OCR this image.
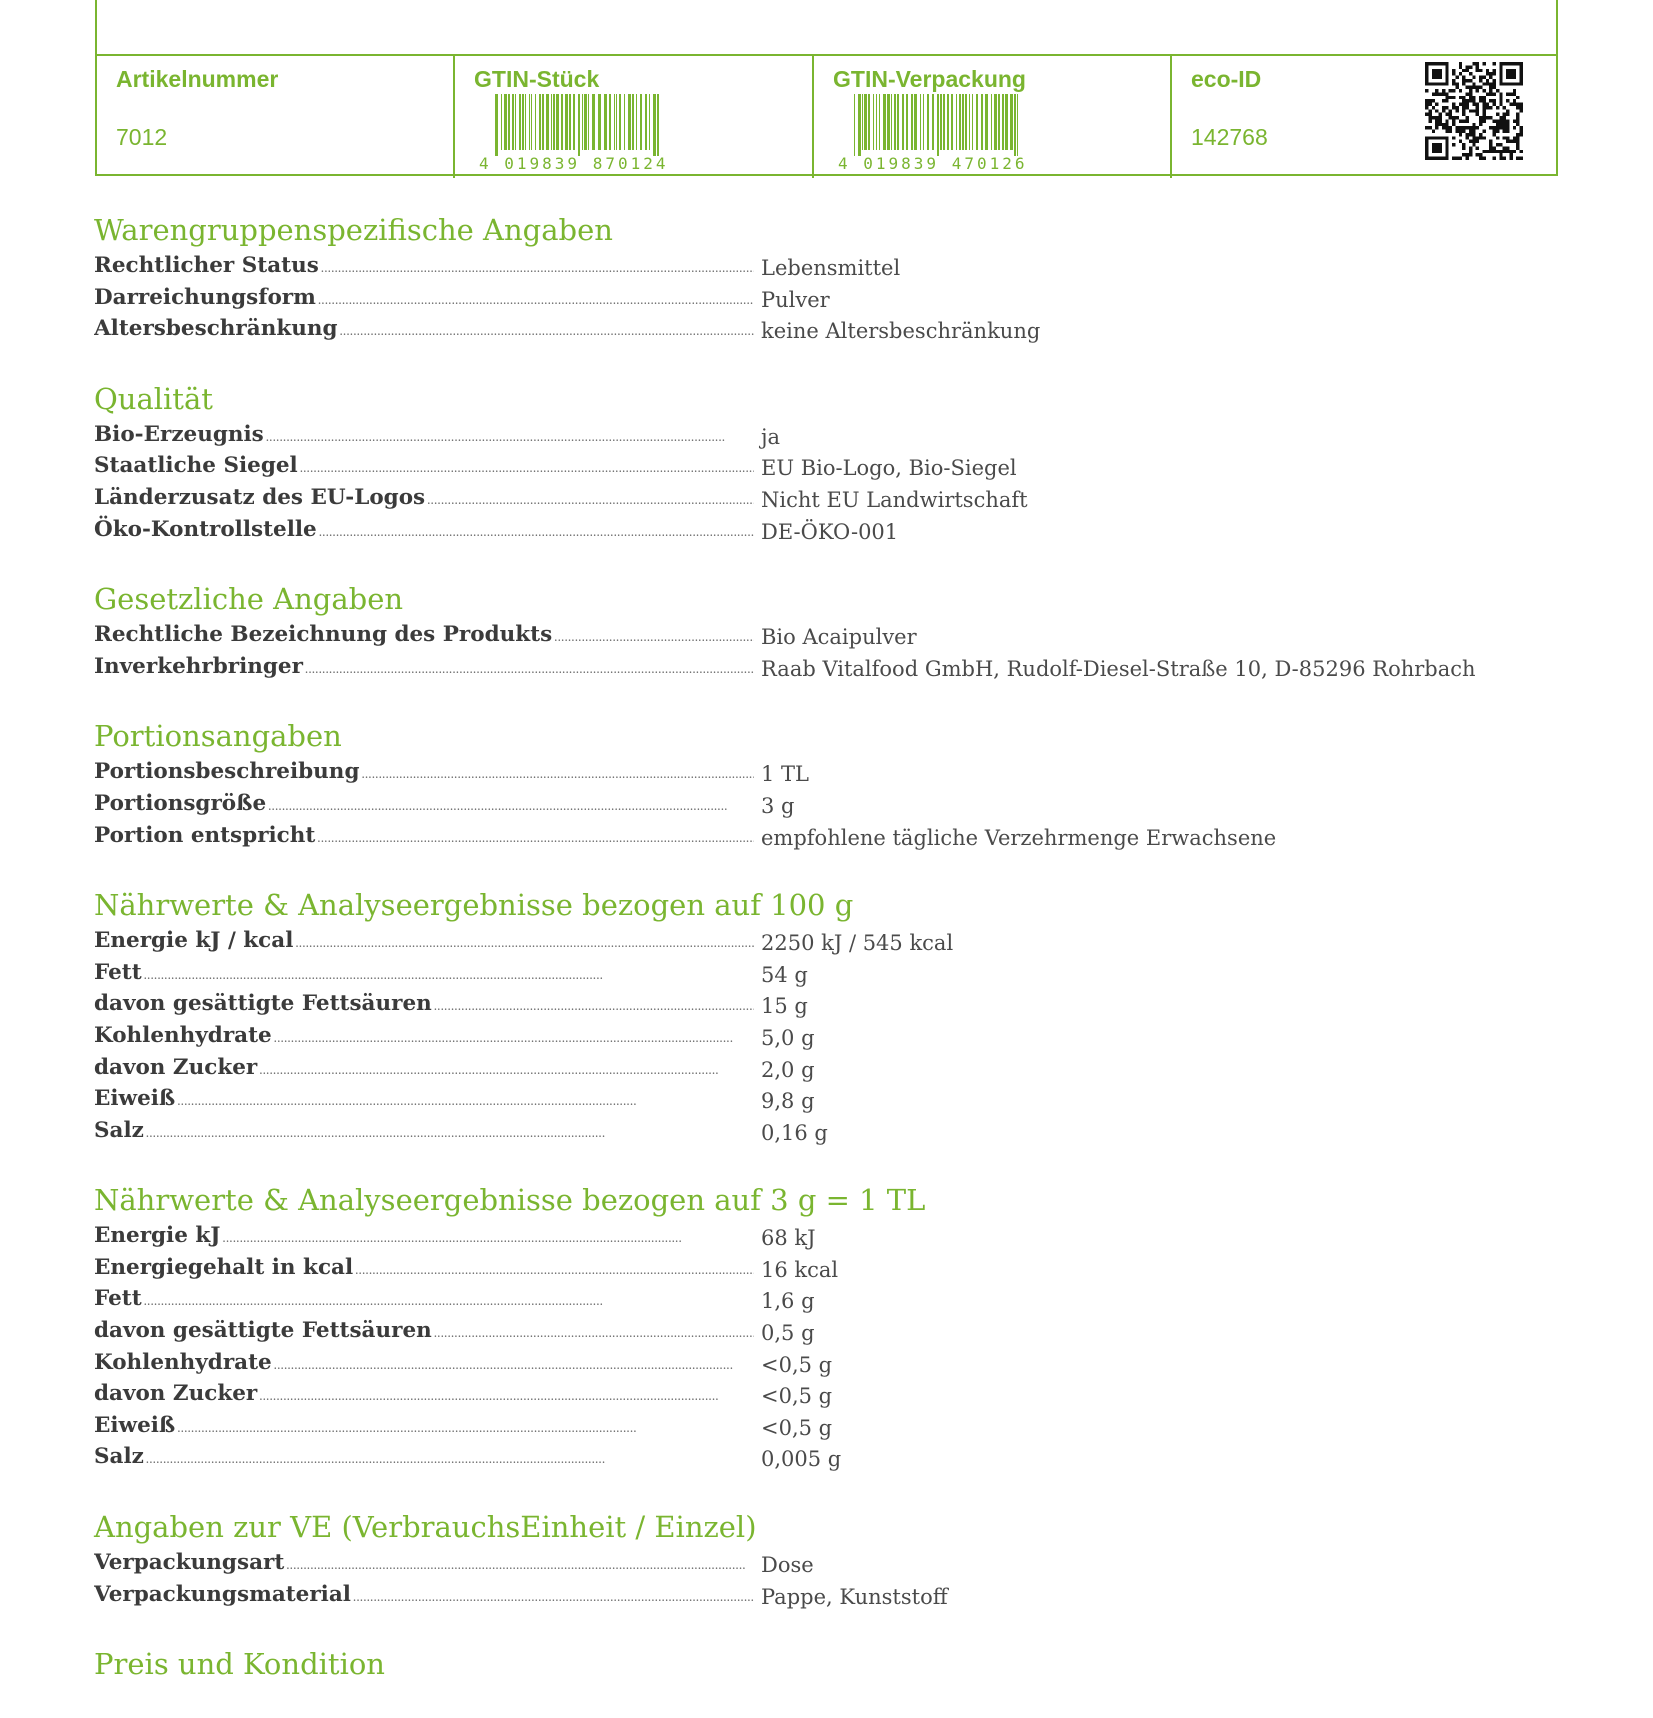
Artikelnummer
7012
GTIN-Stück
4 019839 870124
GTIN-Verpackung
4 019839 470126
eco-ID
142768
Warengruppenspezifische Angaben
Rechtlicher Status . . .	Lebensmittel
Darreichungsform . . .	Pulver
Altersbeschränkung . . .	keine Altersbeschränkung
Qualität
Bio-Erzeugnis . . .	ja
Staatliche Siegel . . .	EU Bio-Logo, Bio-Siegel
Länderzusatz des EU-Logos . . .	Nicht EU Landwirtschaft
Öko-Kontrollstelle . . .	DE-ÖKO-001
Gesetzliche Angaben
Rechtliche Bezeichnung des Produkts . . .	Bio Acaipulver
Inverkehrbringer . . .	Raab Vitalfood GmbH, Rudolf-Diesel-Straße 10, D-85296 Rohrbach
Portionsangaben
Portionsbeschreibung . . .	1 TL
Portionsgröße . . .	3 g
Portion entspricht . . .	empfohlene tägliche Verzehrmenge Erwachsene
Nährwerte & Analyseergebnisse bezogen auf 100 g
Energie kJ / kcal . . .	2250 kJ / 545 kcal
Fett . . .	54 g
davon gesättigte Fettsäuren . . .	15 g
Kohlenhydrate . . .	5,0 g
davon Zucker . . .	2,0 g
Eiweiß . . .	9,8 g
Salz . . .	0,16 g
Nährwerte & Analyseergebnisse bezogen auf 3 g = 1 TL
Energie kJ . . .	68 kJ
Energiegehalt in kcal . . .	16 kcal
Fett . . .	1,6 g
davon gesättigte Fettsäuren . . .	0,5 g
Kohlenhydrate . . .	<0,5 g
davon Zucker . . .	<0,5 g
Eiweiß . . .	<0,5 g
Salz . . .	0,005 g
Angaben zur VE (VerbrauchsEinheit / Einzel)
Verpackungsart . . .	Dose
Verpackungsmaterial . . .	Pappe, Kunststoff
Preis und Kondition
